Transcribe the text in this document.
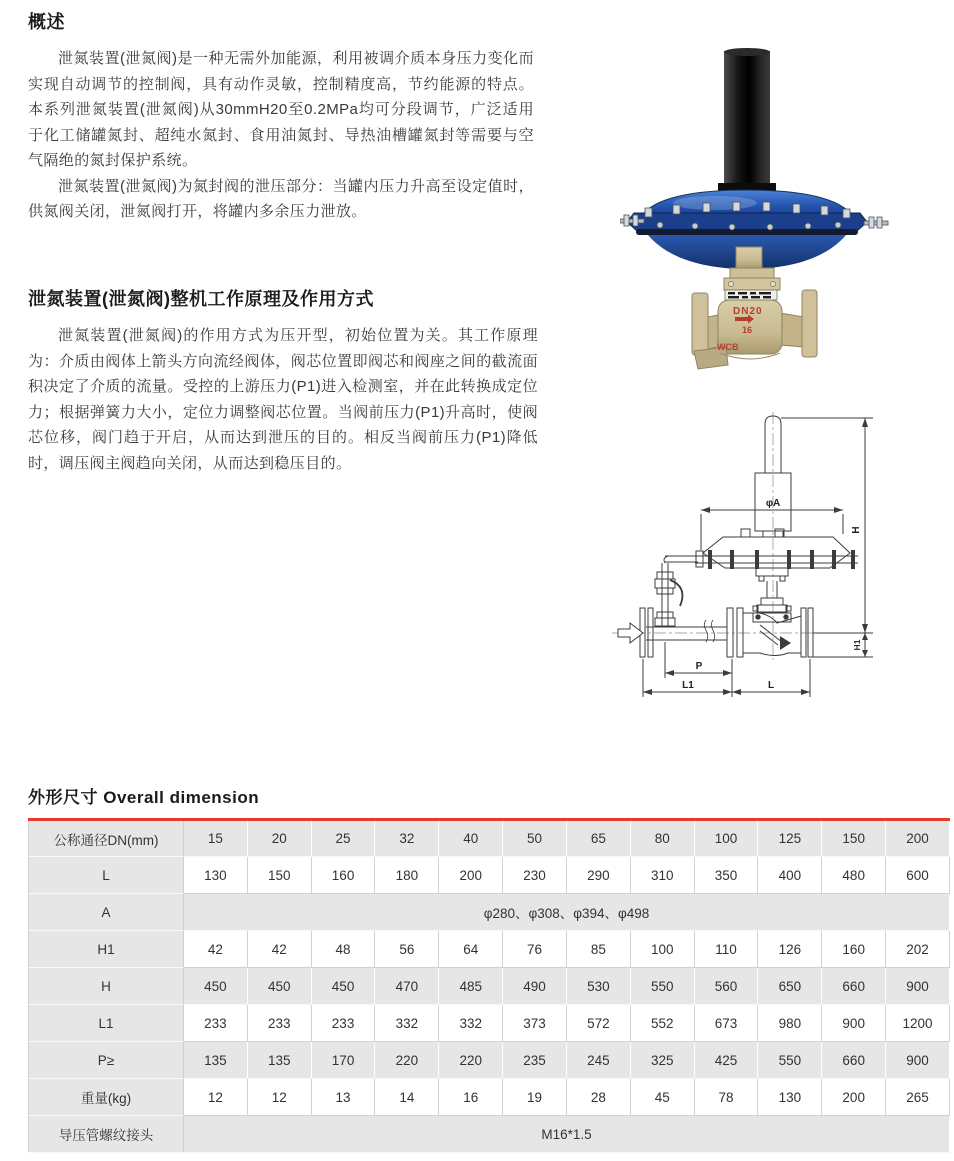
概述

泄氮装置(泄氮阀)是一种无需外加能源，利用被调介质本身压力变化而实现自动调节的控制阀，具有动作灵敏，控制精度高，节约能源的特点。本系列泄氮装置(泄氮阀)从30mmH20至0.2MPa均可分段调节，广泛适用于化工储罐氮封、超纯水氮封、食用油氮封、导热油槽罐氮封等需要与空气隔绝的氮封保护系统。

泄氮装置(泄氮阀)为氮封阀的泄压部分：当罐内压力升高至设定值时，供氮阀关闭，泄氮阀打开，将罐内多余压力泄放。

泄氮装置(泄氮阀)整机工作原理及作用方式

泄氮装置(泄氮阀)的作用方式为压开型，初始位置为关。其工作原理为：介质由阀体上箭头方向流经阀体，阀芯位置即阀芯和阀座之间的截流面积决定了介质的流量。受控的上游压力(P1)进入检测室，并在此转换成定位力；根据弹簧力大小，定位力调整阀芯位置。当阀前压力(P1)升高时，使阀芯位移，阀门趋于开启，从而达到泄压的目的。相反当阀前压力(P1)降低时，调压阀主阀趋向关闭，从而达到稳压目的。

DN20
16
WCB
φA
H
H1
P
L1	L
外形尺寸 Overall dimension
公称通径DN(mm)	15	20	25	32	40	50	65	80	100	125	150	200
L	130	150	160	180	200	230	290	310	350	400	480	600
A	φ280、φ308、φ394、φ498											
H1	42	42	48	56	64	76	85	100	110	126	160	202
H	450	450	450	470	485	490	530	550	560	650	660	900
L1	233	233	233	332	332	373	572	552	673	980	900	1200
P≥	135	135	170	220	220	235	245	325	425	550	660	900
重量(kg)	12	12	13	14	16	19	28	45	78	130	200	265
导压管螺纹接头	M16*1.5											
